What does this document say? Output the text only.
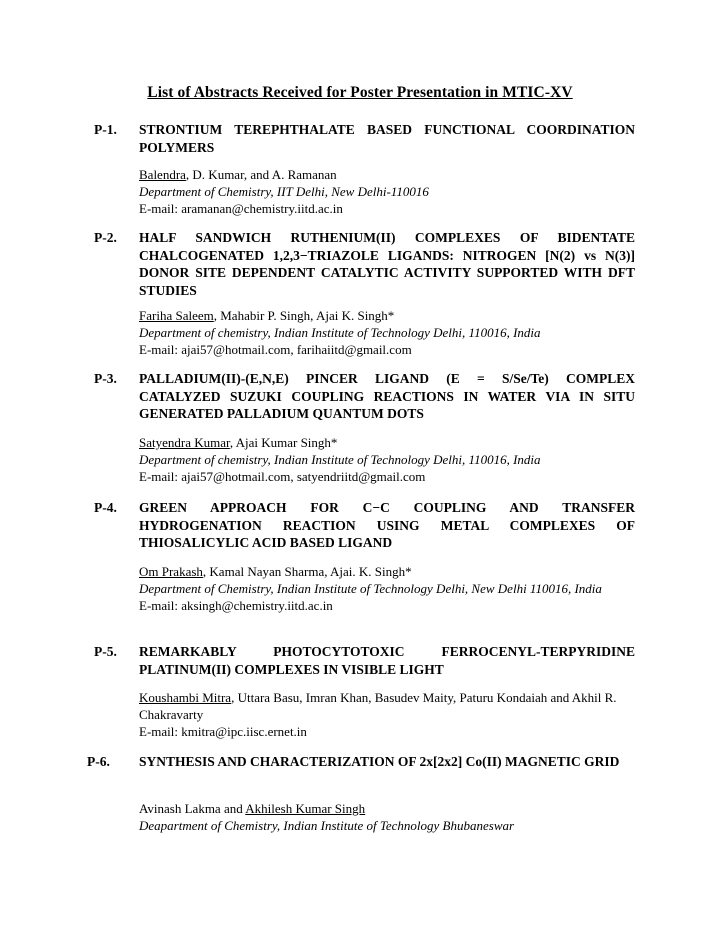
List of Abstracts Received for Poster Presentation in MTIC-XV
P-1. STRONTIUM TEREPHTHALATE BASED FUNCTIONAL COORDINATION POLYMERS
Balendra, D. Kumar, and A. Ramanan
Department of Chemistry, IIT Delhi, New Delhi-110016
E-mail: aramanan@chemistry.iitd.ac.in
P-2. HALF SANDWICH RUTHENIUM(II) COMPLEXES OF BIDENTATE CHALCOGENATED 1,2,3−TRIAZOLE LIGANDS: NITROGEN [N(2) vs N(3)] DONOR SITE DEPENDENT CATALYTIC ACTIVITY SUPPORTED WITH DFT STUDIES
Fariha Saleem, Mahabir P. Singh, Ajai K. Singh*
Department of chemistry, Indian Institute of Technology Delhi, 110016, India
E-mail: ajai57@hotmail.com, farihaiitd@gmail.com
P-3. PALLADIUM(II)-(E,N,E) PINCER LIGAND (E = S/Se/Te) COMPLEX CATALYZED SUZUKI COUPLING REACTIONS IN WATER VIA IN SITU GENERATED PALLADIUM QUANTUM DOTS
Satyendra Kumar, Ajai Kumar Singh*
Department of chemistry, Indian Institute of Technology Delhi, 110016, India
E-mail: ajai57@hotmail.com, satyendriitd@gmail.com
P-4. GREEN APPROACH FOR C−C COUPLING AND TRANSFER HYDROGENATION REACTION USING METAL COMPLEXES OF THIOSALICYLIC ACID BASED LIGAND
Om Prakash, Kamal Nayan Sharma, Ajai. K. Singh*
Department of Chemistry, Indian Institute of Technology Delhi, New Delhi 110016, India
E-mail: aksingh@chemistry.iitd.ac.in
P-5. REMARKABLY PHOTOCYTOTOXIC FERROCENYL-TERPYRIDINE PLATINUM(II) COMPLEXES IN VISIBLE LIGHT
Koushambi Mitra, Uttara Basu, Imran Khan, Basudev Maity, Paturu Kondaiah and Akhil R. Chakravarty
E-mail: kmitra@ipc.iisc.ernet.in
P-6. SYNTHESIS AND CHARACTERIZATION OF 2x[2x2] Co(II) MAGNETIC GRID
Avinash Lakma and Akhilesh Kumar Singh
Deapartment of Chemistry, Indian Institute of Technology Bhubaneswar
